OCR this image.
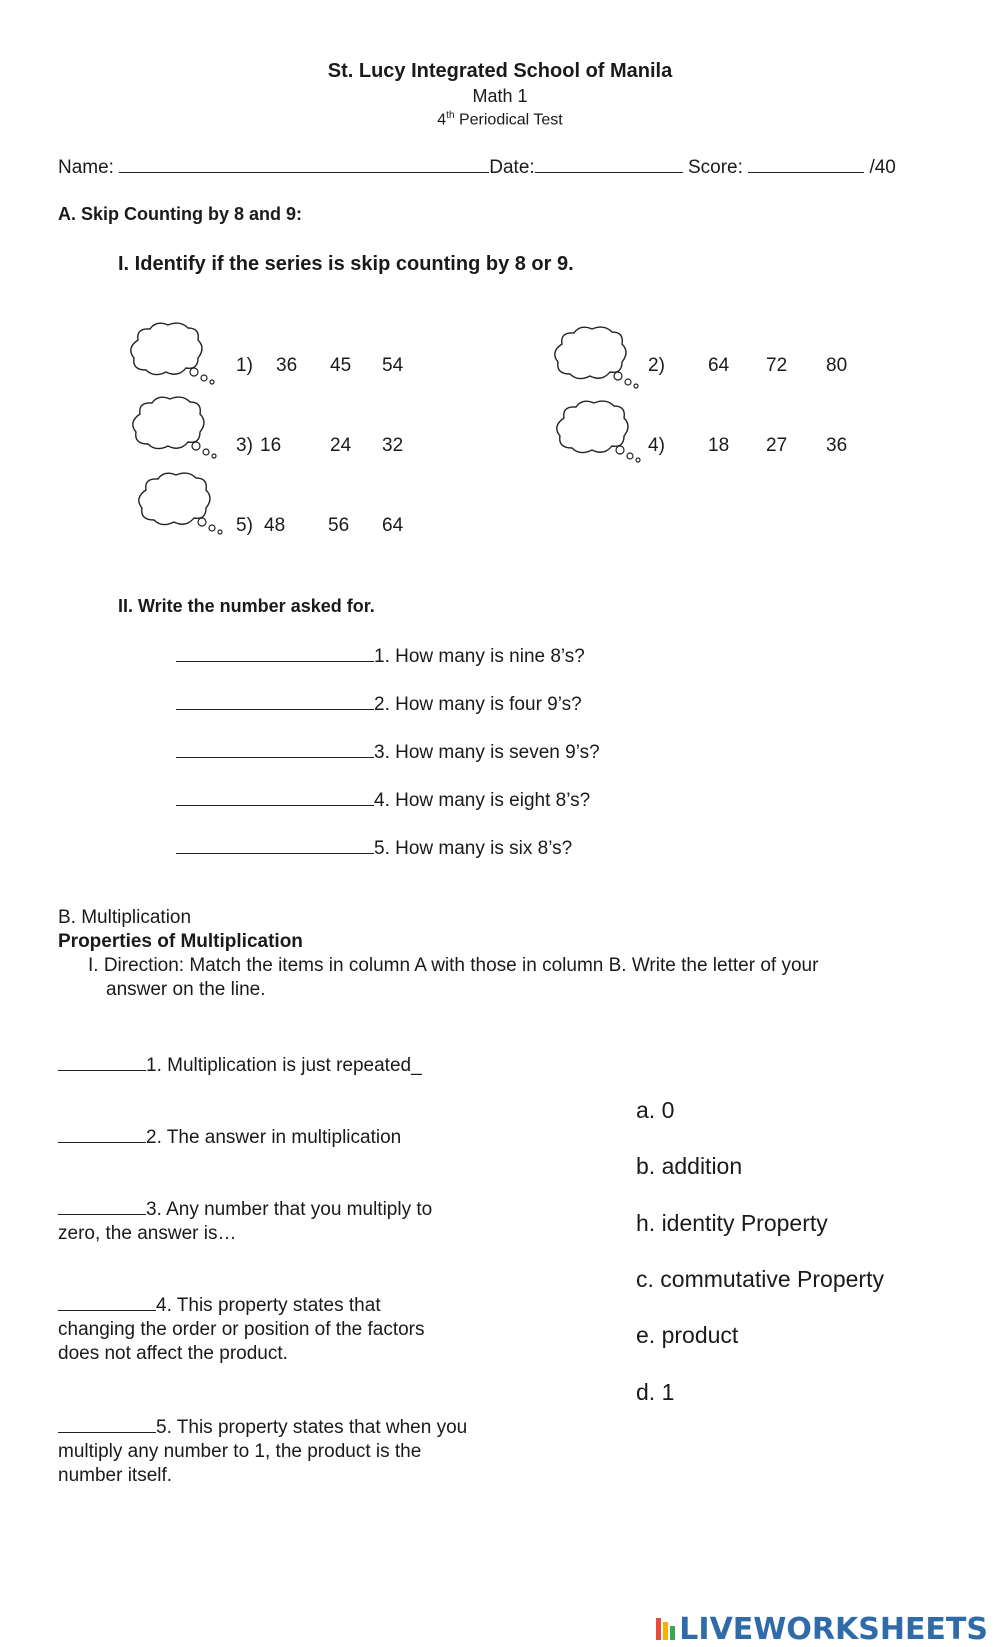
St. Lucy Integrated School of Manila
Math 1
4th Periodical Test
Name:	Date:	Score:	/40
A. Skip Counting by 8 and 9:
I. Identify if the series is skip counting by 8 or 9.
1) 36 45 54	2) 64 72 80
3) 16	24 32	4) 18 27 36
5) 48 56 64
II. Write the number asked for.
1. How many is nine 8’s?
2. How many is four 9’s?
3. How many is seven 9’s?
4. How many is eight 8’s?
5. How many is six 8’s?
B. Multiplication
Properties of Multiplication
I. Direction: Match the items in column A with those in column B. Write the letter of your
answer on the line.
1. Multiplication is just repeated_
2. The answer in multiplication
3. Any number that you multiply to zero, the answer is…
4. This property states that changing the order or position of the factors does not affect the product.
5. This property states that when you multiply any number to 1, the product is the number itself.
a. 0
b. addition
h. identity Property
c. commutative Property
e. product
d. 1
LIVEWORKSHEETS
